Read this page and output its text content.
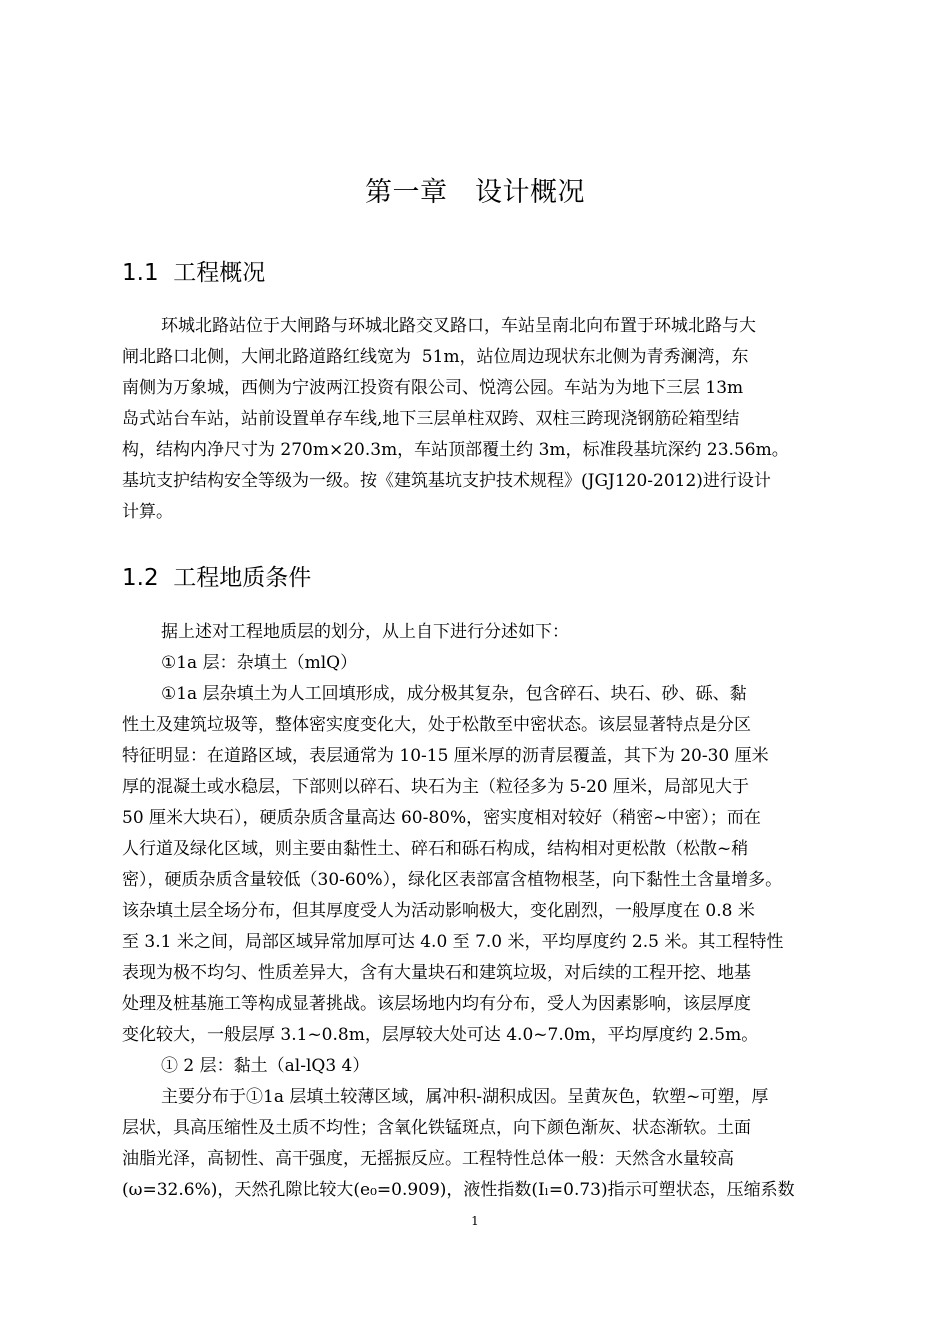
第一章　设计概况
1.1  工程概况

环城北路站位于大闸路与环城北路交叉路口，车站呈南北向布置于环城北路与大

闸北路口北侧，大闸北路道路红线宽为  51m，站位周边现状东北侧为青秀澜湾，东

南侧为万象城，西侧为宁波两江投资有限公司、悦湾公园。车站为为地下三层 13m

岛式站台车站，站前设置单存车线,地下三层单柱双跨、双柱三跨现浇钢筋砼箱型结

构，结构内净尺寸为 270m×20.3m，车站顶部覆土约 3m，标准段基坑深约 23.56m。

基坑支护结构安全等级为一级。按《建筑基坑支护技术规程》(JGJ120-2012)进行设计

计算。

1.2  工程地质条件

据上述对工程地质层的划分，从上自下进行分述如下：

①1a 层：杂填土（mlQ）

①1a 层杂填土为人工回填形成，成分极其复杂，包含碎石、块石、砂、砾、黏

性土及建筑垃圾等，整体密实度变化大，处于松散至中密状态。该层显著特点是分区

特征明显：在道路区域，表层通常为 10-15 厘米厚的沥青层覆盖，其下为 20-30 厘米

厚的混凝土或水稳层，下部则以碎石、块石为主（粒径多为 5-20 厘米，局部见大于

50 厘米大块石），硬质杂质含量高达 60-80%，密实度相对较好（稍密~中密）；而在

人行道及绿化区域，则主要由黏性土、碎石和砾石构成，结构相对更松散（松散~稍

密），硬质杂质含量较低（30-60%），绿化区表部富含植物根茎，向下黏性土含量增多。

该杂填土层全场分布，但其厚度受人为活动影响极大，变化剧烈，一般厚度在 0.8 米

至 3.1 米之间，局部区域异常加厚可达 4.0 至 7.0 米，平均厚度约 2.5 米。其工程特性

表现为极不均匀、性质差异大，含有大量块石和建筑垃圾，对后续的工程开挖、地基

处理及桩基施工等构成显著挑战。该层场地内均有分布，受人为因素影响，该层厚度

变化较大，一般层厚 3.1~0.8m，层厚较大处可达 4.0~7.0m，平均厚度约 2.5m。

① 2 层：黏土（al-lQ3 4）

主要分布于①1a 层填土较薄区域，属冲积-湖积成因。呈黄灰色，软塑~可塑，厚

层状，具高压缩性及土质不均性；含氧化铁锰斑点，向下颜色渐灰、状态渐软。土面

油脂光泽，高韧性、高干强度，无摇振反应。工程特性总体一般：天然含水量较高

(ω=32.6%)，天然孔隙比较大(e₀=0.909)，液性指数(Iₗ=0.73)指示可塑状态，压缩系数

1
